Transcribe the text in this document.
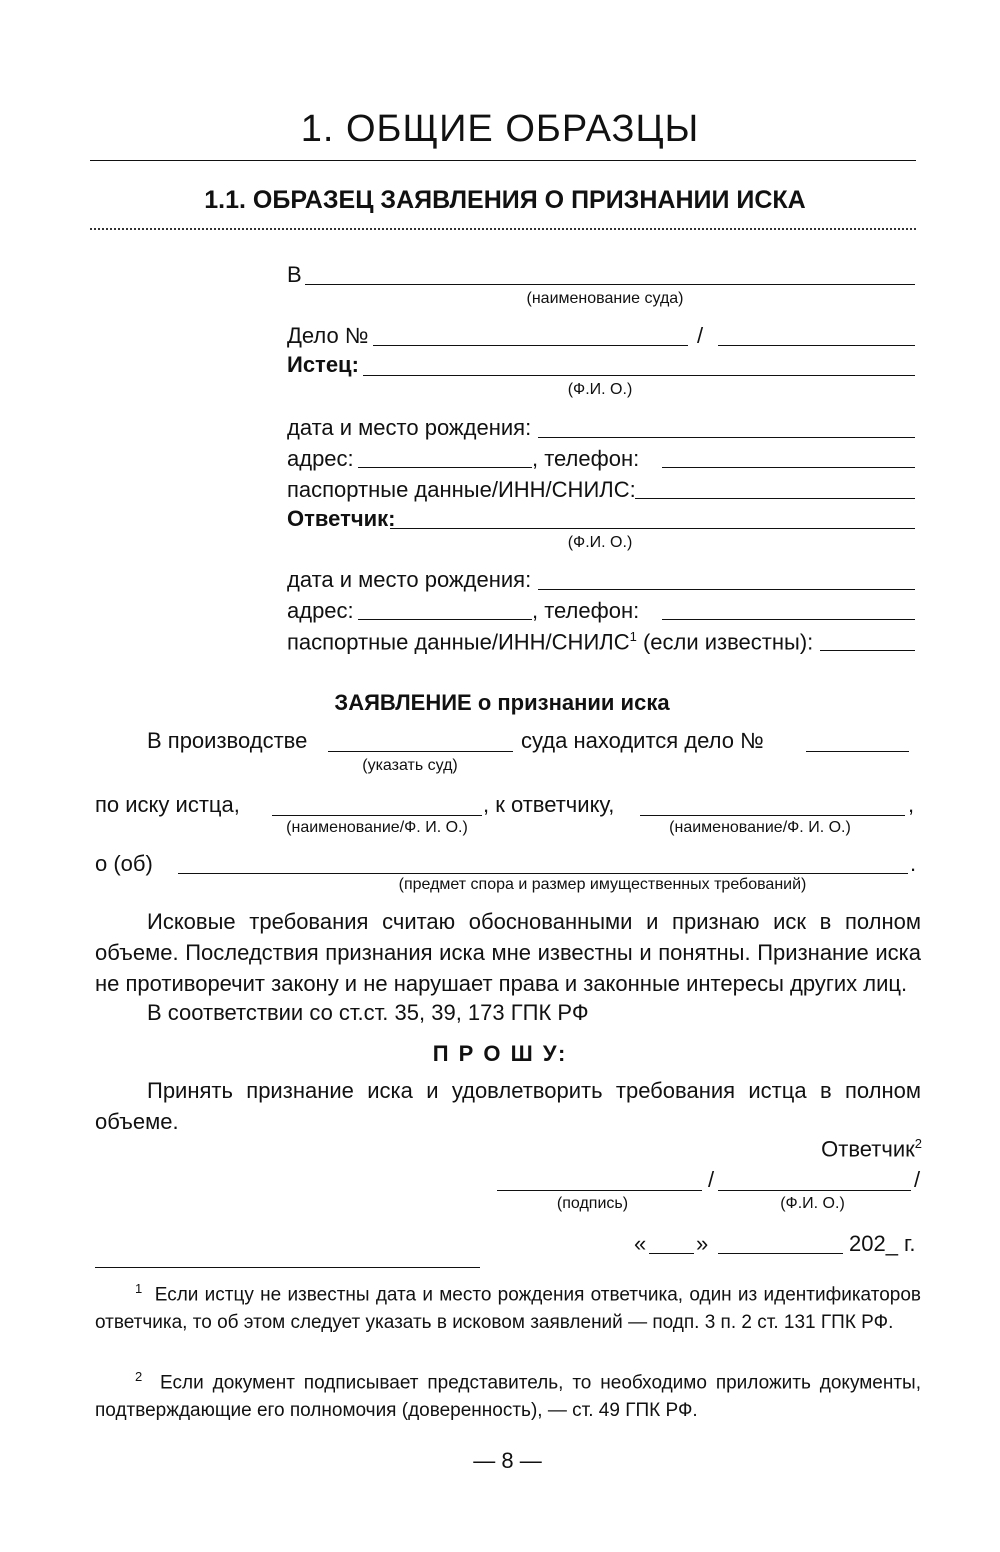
1. ОБЩИЕ ОБРАЗЦЫ
1.1. ОБРАЗЕЦ ЗАЯВЛЕНИЯ О ПРИЗНАНИИ ИСКА
В
(наименование суда)
Дело №	/
Истец:
(Ф.И. О.)
дата и место рождения:
адрес:	, телефон:
паспортные данные/ИНН/СНИЛС:
Ответчик:
(Ф.И. О.)
дата и место рождения:
адрес:	, телефон:
паспортные данные/ИНН/СНИЛС$^1$ (если известны):
ЗАЯВЛЕНИЕ о признании иска
В производстве	суда находится дело №
(указать суд)
по иску истца,	, к ответчику,	,
(наименование/Ф. И. О.)	(наименование/Ф. И. О.)
о (об)	.
(предмет спора и размер имущественных требований)
Исковые требования считаю обоснованными и признаю иск в полном объеме. Последствия признания иска мне известны и понятны. Признание иска не противоречит закону и не нарушает права и законные интересы других лиц.
В соответствии со ст.ст. 35, 39, 173 ГПК РФ
П Р О Ш У:
Принять признание иска и удовлетворить требования истца в полном объеме.
Ответчик$^2$
/	/
(подпись)	(Ф.И. О.)
« »	202_ г.
$^1$ Если истцу не известны дата и место рождения ответчика, один из идентификаторов ответчика, то об этом следует указать в исковом заявлений — подп. 3 п. 2 ст. 131 ГПК РФ.
$^2$ Если документ подписывает представитель, то необходимо приложить документы, подтверждающие его полномочия (доверенность), — ст. 49 ГПК РФ.
— 8 —
